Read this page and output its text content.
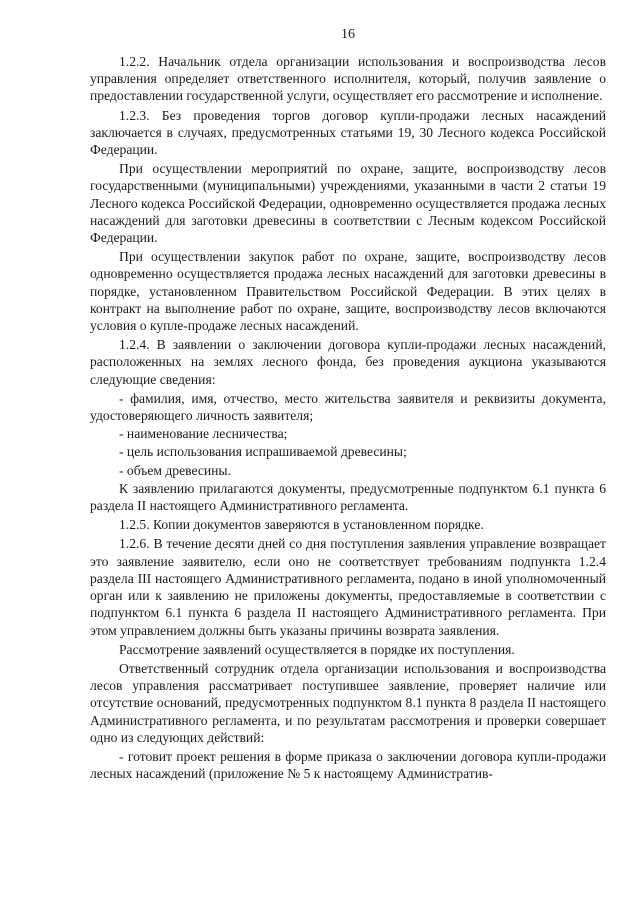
16

1.2.2. Начальник отдела организации использования и воспроизводства лесов управления определяет ответственного исполнителя, который, получив заявление о предоставлении государственной услуги, осуществляет его рассмотрение и исполнение.

1.2.3. Без проведения торгов договор купли-продажи лесных насаждений заключается в случаях, предусмотренных статьями 19, 30 Лесного кодекса Российской Федерации.

При осуществлении мероприятий по охране, защите, воспроизводству лесов государственными (муниципальными) учреждениями, указанными в части 2 статьи 19 Лесного кодекса Российской Федерации, одновременно осуществляется продажа лесных насаждений для заготовки древесины в соответствии с Лесным кодексом Российской Федерации.

При осуществлении закупок работ по охране, защите, воспроизводству лесов одновременно осуществляется продажа лесных насаждений для заготовки древесины в порядке, установленном Правительством Российской Федерации. В этих целях в контракт на выполнение работ по охране, защите, воспроизводству лесов включаются условия о купле-продаже лесных насаждений.

1.2.4. В заявлении о заключении договора купли-продажи лесных насаждений, расположенных на землях лесного фонда, без проведения аукциона указываются следующие сведения:

- фамилия, имя, отчество, место жительства заявителя и реквизиты документа, удостоверяющего личность заявителя;

- наименование лесничества;

- цель использования испрашиваемой древесины;

- объем древесины.

К заявлению прилагаются документы, предусмотренные подпунктом 6.1 пункта 6 раздела II настоящего Административного регламента.

1.2.5. Копии документов заверяются в установленном порядке.

1.2.6. В течение десяти дней со дня поступления заявления управление возвращает это заявление заявителю, если оно не соответствует требованиям подпункта 1.2.4 раздела III настоящего Административного регламента, подано в иной уполномоченный орган или к заявлению не приложены документы, предоставляемые в соответствии с подпунктом 6.1 пункта 6 раздела II настоящего Административного регламента. При этом управлением должны быть указаны причины возврата заявления.

Рассмотрение заявлений осуществляется в порядке их поступления.

Ответственный сотрудник отдела организации использования и воспроизводства лесов управления рассматривает поступившее заявление, проверяет наличие или отсутствие оснований, предусмотренных подпунктом 8.1 пункта 8 раздела II настоящего Административного регламента, и по результатам рассмотрения и проверки совершает одно из следующих действий:

- готовит проект решения в форме приказа о заключении договора купли-продажи лесных насаждений (приложение № 5 к настоящему Административ-
